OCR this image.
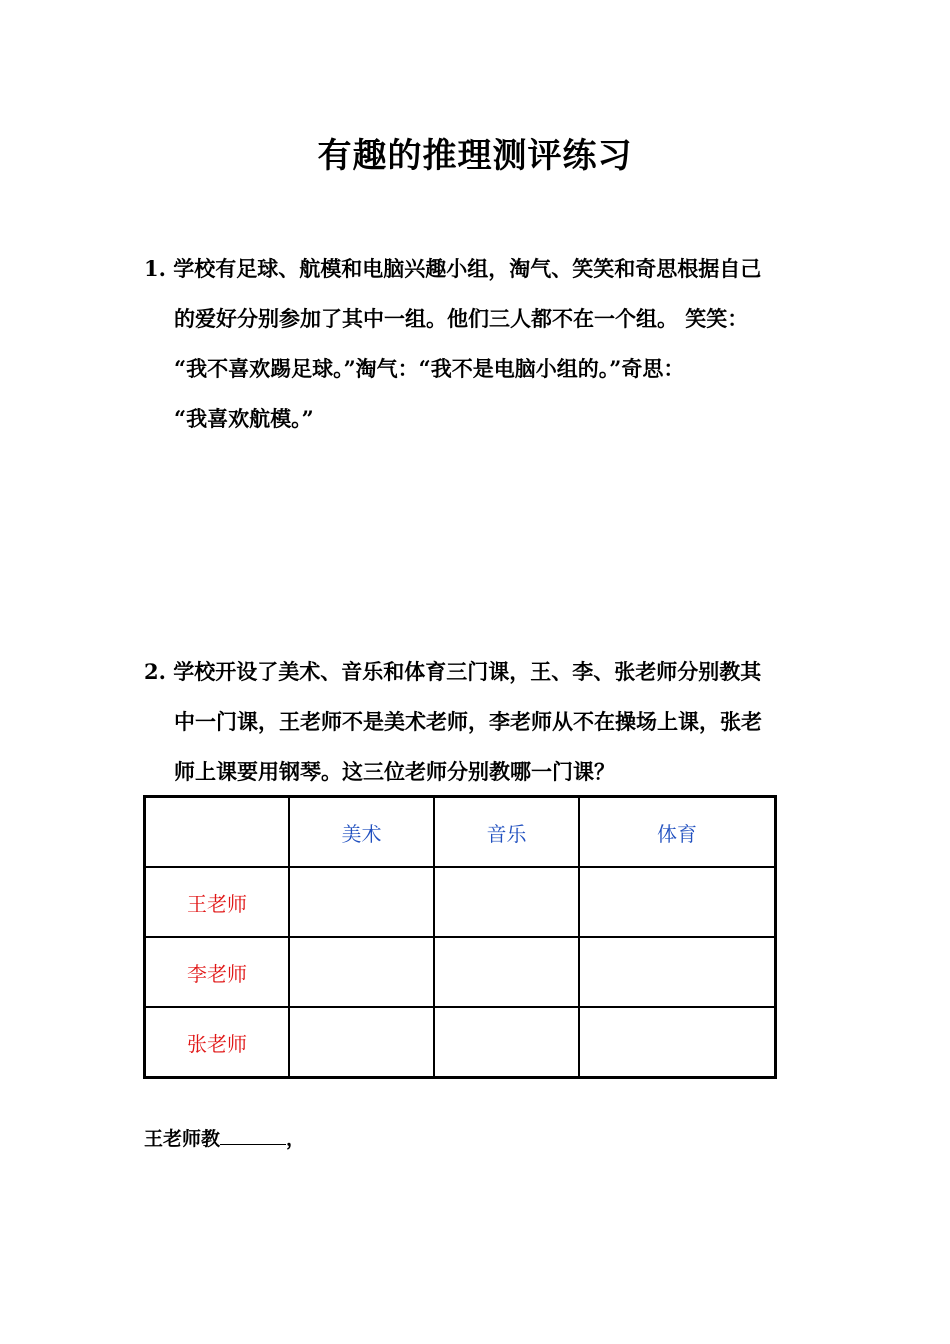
有趣的推理测评练习
1. 学校有足球、航模和电脑兴趣小组，淘气、笑笑和奇思根据自己
的爱好分别参加了其中一组。他们三人都不在一个组。 笑笑：
“我不喜欢踢足球。”淘气：“我不是电脑小组的。”奇思：
“我喜欢航模。”
2. 学校开设了美术、音乐和体育三门课，王、李、张老师分别教其
中一门课，王老师不是美术老师，李老师从不在操场上课，张老
师上课要用钢琴。这三位老师分别教哪一门课？
	美术	音乐	体育
王老师			
李老师			
张老师			
王老师教	，
